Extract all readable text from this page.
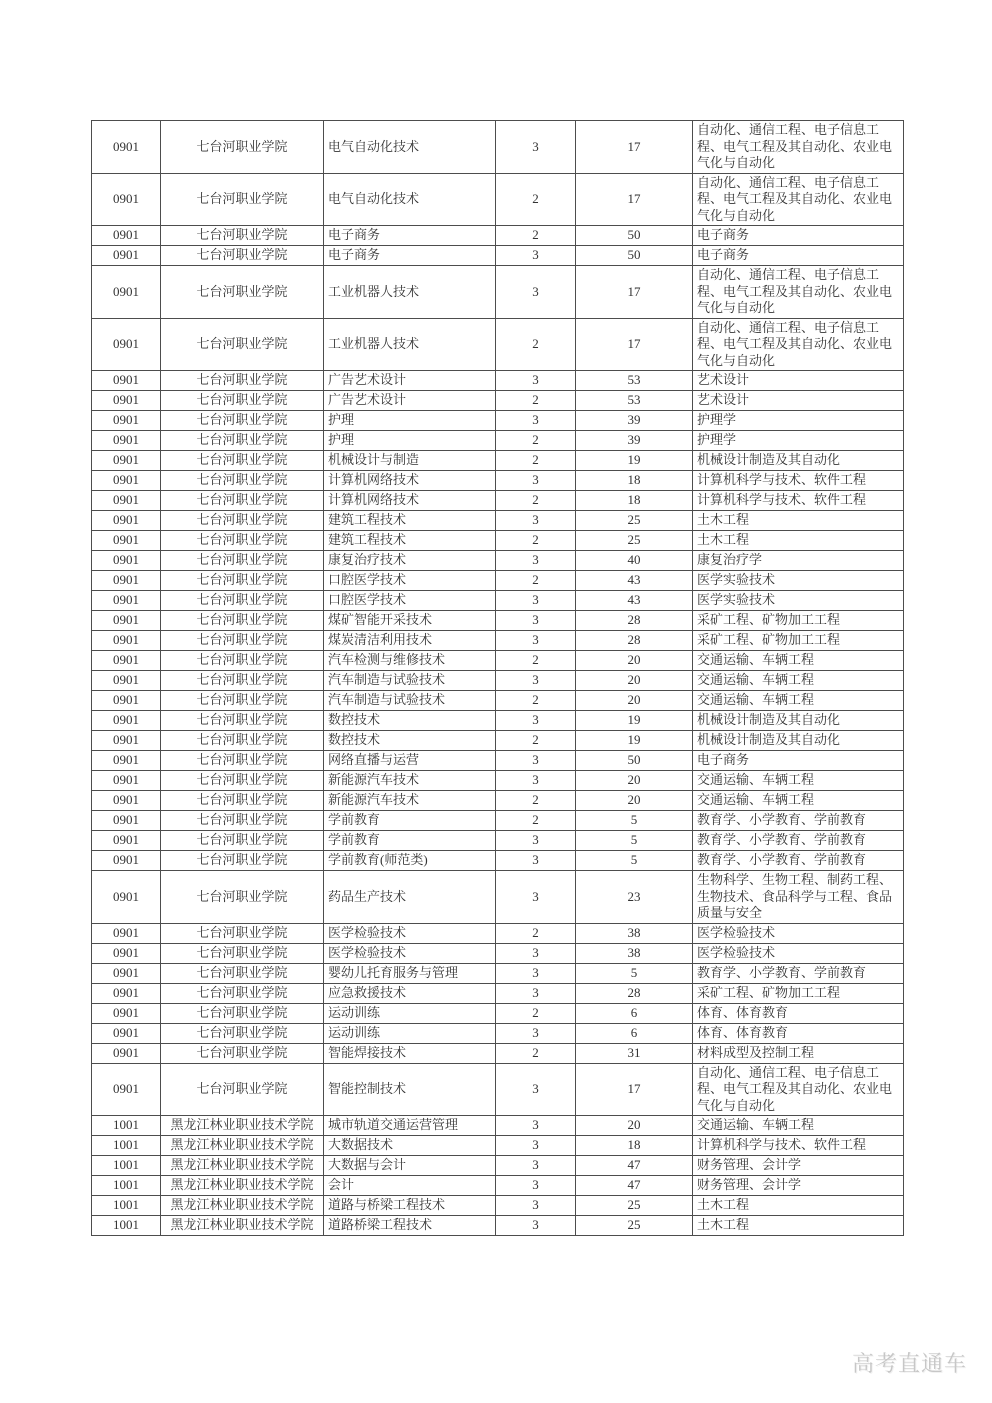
0901	七台河职业学院	电气自动化技术	3	17	自动化、通信工程、电子信息工程、电气工程及其自动化、农业电气化与自动化
0901	七台河职业学院	电气自动化技术	2	17	自动化、通信工程、电子信息工程、电气工程及其自动化、农业电气化与自动化
0901	七台河职业学院	电子商务	2	50	电子商务
0901	七台河职业学院	电子商务	3	50	电子商务
0901	七台河职业学院	工业机器人技术	3	17	自动化、通信工程、电子信息工程、电气工程及其自动化、农业电气化与自动化
0901	七台河职业学院	工业机器人技术	2	17	自动化、通信工程、电子信息工程、电气工程及其自动化、农业电气化与自动化
0901	七台河职业学院	广告艺术设计	3	53	艺术设计
0901	七台河职业学院	广告艺术设计	2	53	艺术设计
0901	七台河职业学院	护理	3	39	护理学
0901	七台河职业学院	护理	2	39	护理学
0901	七台河职业学院	机械设计与制造	2	19	机械设计制造及其自动化
0901	七台河职业学院	计算机网络技术	3	18	计算机科学与技术、软件工程
0901	七台河职业学院	计算机网络技术	2	18	计算机科学与技术、软件工程
0901	七台河职业学院	建筑工程技术	3	25	土木工程
0901	七台河职业学院	建筑工程技术	2	25	土木工程
0901	七台河职业学院	康复治疗技术	3	40	康复治疗学
0901	七台河职业学院	口腔医学技术	2	43	医学实验技术
0901	七台河职业学院	口腔医学技术	3	43	医学实验技术
0901	七台河职业学院	煤矿智能开采技术	3	28	采矿工程、矿物加工工程
0901	七台河职业学院	煤炭清洁利用技术	3	28	采矿工程、矿物加工工程
0901	七台河职业学院	汽车检测与维修技术	2	20	交通运输、车辆工程
0901	七台河职业学院	汽车制造与试验技术	3	20	交通运输、车辆工程
0901	七台河职业学院	汽车制造与试验技术	2	20	交通运输、车辆工程
0901	七台河职业学院	数控技术	3	19	机械设计制造及其自动化
0901	七台河职业学院	数控技术	2	19	机械设计制造及其自动化
0901	七台河职业学院	网络直播与运营	3	50	电子商务
0901	七台河职业学院	新能源汽车技术	3	20	交通运输、车辆工程
0901	七台河职业学院	新能源汽车技术	2	20	交通运输、车辆工程
0901	七台河职业学院	学前教育	2	5	教育学、小学教育、学前教育
0901	七台河职业学院	学前教育	3	5	教育学、小学教育、学前教育
0901	七台河职业学院	学前教育(师范类)	3	5	教育学、小学教育、学前教育
0901	七台河职业学院	药品生产技术	3	23	生物科学、生物工程、制药工程、生物技术、食品科学与工程、食品质量与安全
0901	七台河职业学院	医学检验技术	2	38	医学检验技术
0901	七台河职业学院	医学检验技术	3	38	医学检验技术
0901	七台河职业学院	婴幼儿托育服务与管理	3	5	教育学、小学教育、学前教育
0901	七台河职业学院	应急救援技术	3	28	采矿工程、矿物加工工程
0901	七台河职业学院	运动训练	2	6	体育、体育教育
0901	七台河职业学院	运动训练	3	6	体育、体育教育
0901	七台河职业学院	智能焊接技术	2	31	材料成型及控制工程
0901	七台河职业学院	智能控制技术	3	17	自动化、通信工程、电子信息工程、电气工程及其自动化、农业电气化与自动化
1001	黑龙江林业职业技术学院	城市轨道交通运营管理	3	20	交通运输、车辆工程
1001	黑龙江林业职业技术学院	大数据技术	3	18	计算机科学与技术、软件工程
1001	黑龙江林业职业技术学院	大数据与会计	3	47	财务管理、会计学
1001	黑龙江林业职业技术学院	会计	3	47	财务管理、会计学
1001	黑龙江林业职业技术学院	道路与桥梁工程技术	3	25	土木工程
1001	黑龙江林业职业技术学院	道路桥梁工程技术	3	25	土木工程
高考直通车
